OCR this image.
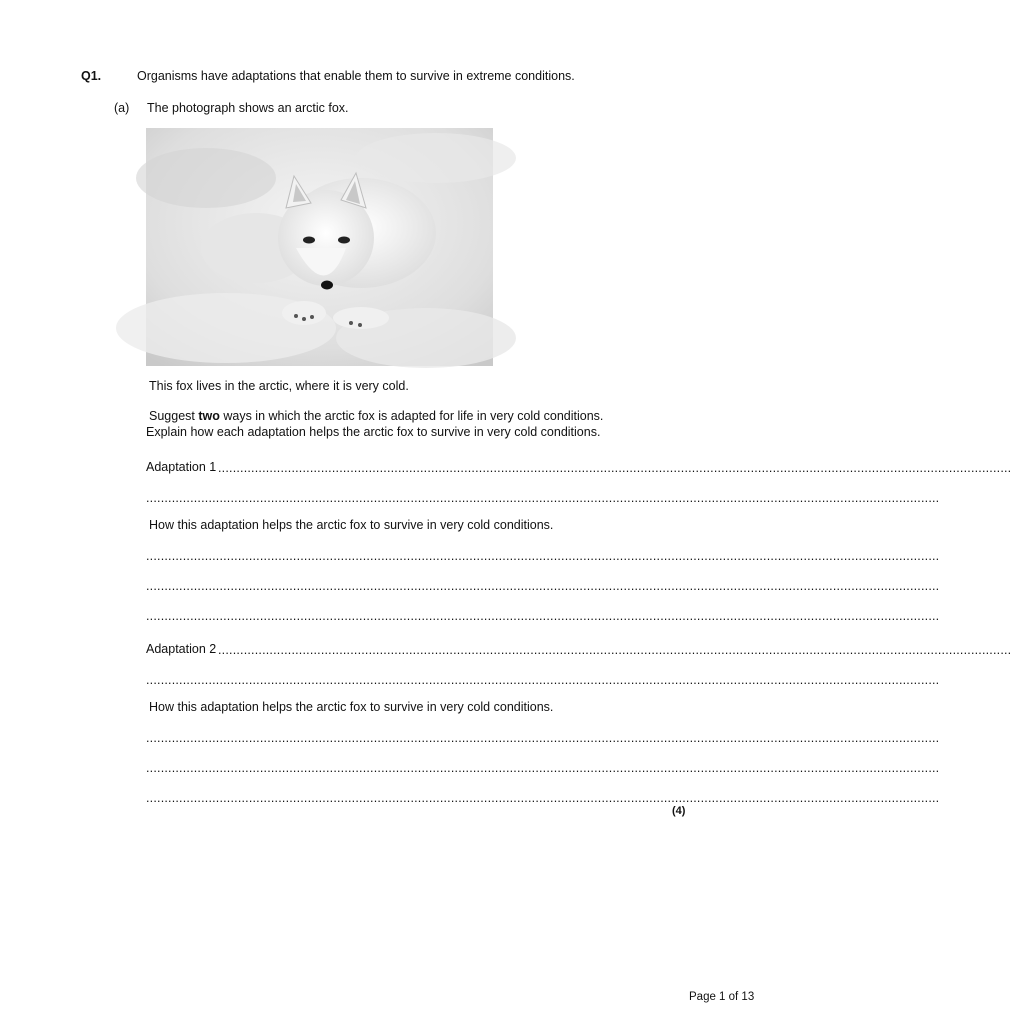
Q1.	Organisms have adaptations that enable them to survive in extreme conditions.
(a) The photograph shows an arctic fox.
This fox lives in the arctic, where it is very cold.
Suggest two ways in which the arctic fox is adapted for life in very cold conditions.
Explain how each adaptation helps the arctic fox to survive in very cold conditions.
Adaptation 1 ........................................................................................................................................................................................................................
........................................................................................................................................................................................................................
How this adaptation helps the arctic fox to survive in very cold conditions.
........................................................................................................................................................................................................................
........................................................................................................................................................................................................................
........................................................................................................................................................................................................................
Adaptation 2 ........................................................................................................................................................................................................................
........................................................................................................................................................................................................................
How this adaptation helps the arctic fox to survive in very cold conditions.
........................................................................................................................................................................................................................
........................................................................................................................................................................................................................
........................................................................................................................................................................................................................
(4)
Page 1 of 13
